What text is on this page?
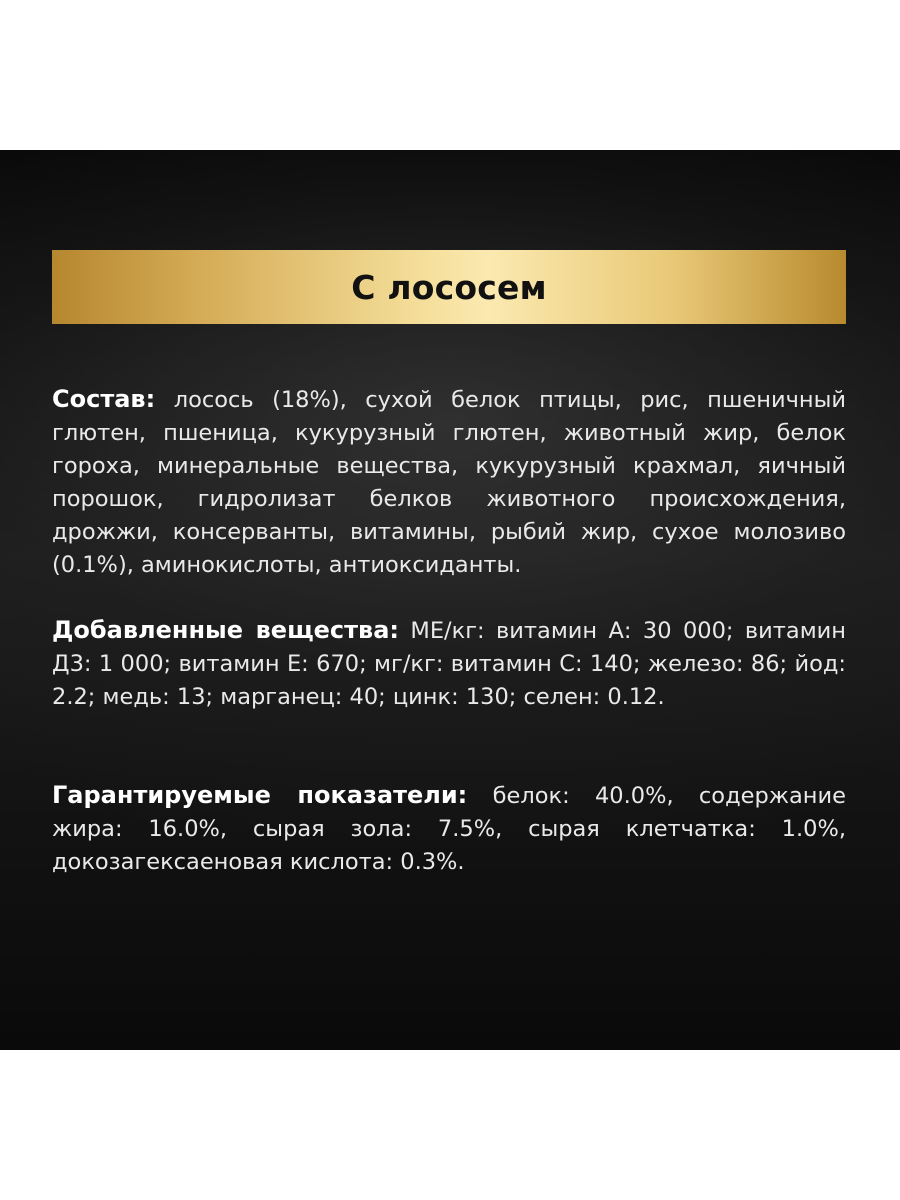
С лососем

Состав: лосось (18%), сухой белок птицы, рис, пшеничный глютен, пшеница, кукурузный глютен, животный жир, белок гороха, минеральные вещества, кукурузный крахмал, яичный порошок, гидролизат белков животного происхождения, дрожжи, консерванты, витамины, рыбий жир, сухое молозиво (0.1%), аминокислоты, антиоксиданты.

Добавленные вещества: МЕ/кг: витамин А: 30 000; витамин Д3: 1 000; витамин Е: 670; мг/кг: витамин С: 140; железо: 86; йод: 2.2; медь: 13; марганец: 40; цинк: 130; селен: 0.12.

Гарантируемые показатели: белок: 40.0%, содержание жира: 16.0%, сырая зола: 7.5%, сырая клетчатка: 1.0%, докозагексаеновая кислота: 0.3%.
